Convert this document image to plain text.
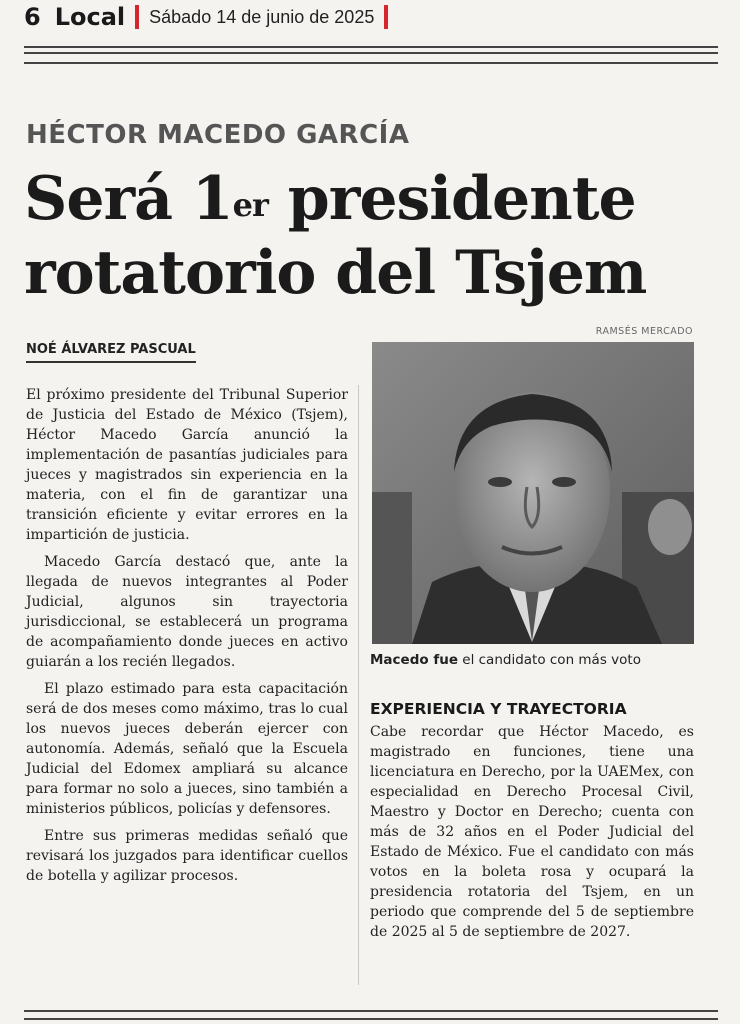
6 Local Sábado 14 de junio de 2025
HÉCTOR MACEDO GARCÍA
Será 1er presidente
rotatorio del Tsjem
NOÉ ÁLVAREZ PASCUAL
RAMSÉS MERCADO
Macedo fue el candidato con más voto

El próximo presidente del Tribunal Superior de Justicia del Estado de México (Tsjem), Héctor Macedo García anunció la implementación de pasantías judiciales para jueces y magistrados sin experiencia en la materia, con el fin de garantizar una transición eficiente y evitar errores en la impartición de justicia.

Macedo García destacó que, ante la llegada de nuevos integrantes al Poder Judicial, algunos sin trayectoria jurisdiccional, se establecerá un programa de acompañamiento donde jueces en activo guiarán a los recién llegados.

El plazo estimado para esta capacitación será de dos meses como máximo, tras lo cual los nuevos jueces deberán ejercer con autonomía. Además, señaló que la Escuela Judicial del Edomex ampliará su alcance para formar no solo a jueces, sino también a ministerios públicos, policías y defensores.

Entre sus primeras medidas señaló que revisará los juzgados para identificar cuellos de botella y agilizar procesos.

EXPERIENCIA Y TRAYECTORIA

Cabe recordar que Héctor Macedo, es magistrado en funciones, tiene una licenciatura en Derecho, por la UAEMex, con especialidad en Derecho Procesal Civil, Maestro y Doctor en Derecho; cuenta con más de 32 años en el Poder Judicial del Estado de México. Fue el candidato con más votos en la boleta rosa y ocupará la presidencia rotatoria del Tsjem, en un periodo que comprende del 5 de septiembre de 2025 al 5 de septiembre de 2027.
